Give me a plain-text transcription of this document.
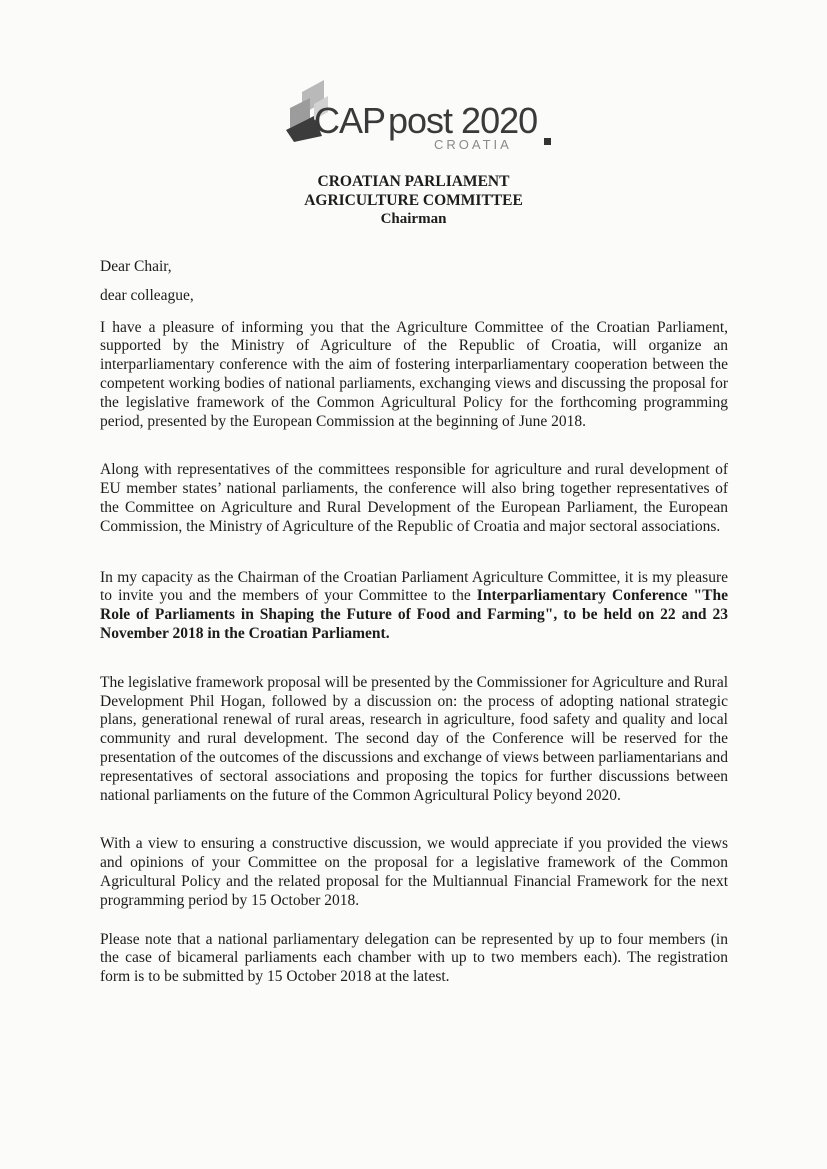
CAP post 2020
CROATIA
CROATIAN PARLIAMENT
AGRICULTURE COMMITTEE
Chairman

Dear Chair,

dear colleague,

I have a pleasure of informing you that the Agriculture Committee of the Croatian Parliament, supported by the Ministry of Agriculture of the Republic of Croatia, will organize an interparliamentary conference with the aim of fostering interparliamentary cooperation between the competent working bodies of national parliaments, exchanging views and discussing the proposal for the legislative framework of the Common Agricultural Policy for the forthcoming programming period, presented by the European Commission at the beginning of June 2018.

Along with representatives of the committees responsible for agriculture and rural development of EU member states’ national parliaments, the conference will also bring together representatives of the Committee on Agriculture and Rural Development of the European Parliament, the European Commission, the Ministry of Agriculture of the Republic of Croatia and major sectoral associations.

In my capacity as the Chairman of the Croatian Parliament Agriculture Committee, it is my pleasure to invite you and the members of your Committee to the Interparliamentary Conference "The Role of Parliaments in Shaping the Future of Food and Farming", to be held on 22 and 23 November 2018 in the Croatian Parliament.

The legislative framework proposal will be presented by the Commissioner for Agriculture and Rural Development Phil Hogan, followed by a discussion on: the process of adopting national strategic plans, generational renewal of rural areas, research in agriculture, food safety and quality and local community and rural development. The second day of the Conference will be reserved for the presentation of the outcomes of the discussions and exchange of views between parliamentarians and representatives of sectoral associations and proposing the topics for further discussions between national parliaments on the future of the Common Agricultural Policy beyond 2020.

With a view to ensuring a constructive discussion, we would appreciate if you provided the views and opinions of your Committee on the proposal for a legislative framework of the Common Agricultural Policy and the related proposal for the Multiannual Financial Framework for the next programming period by 15 October 2018.

Please note that a national parliamentary delegation can be represented by up to four members (in the case of bicameral parliaments each chamber with up to two members each). The registration form is to be submitted by 15 October 2018 at the latest.
